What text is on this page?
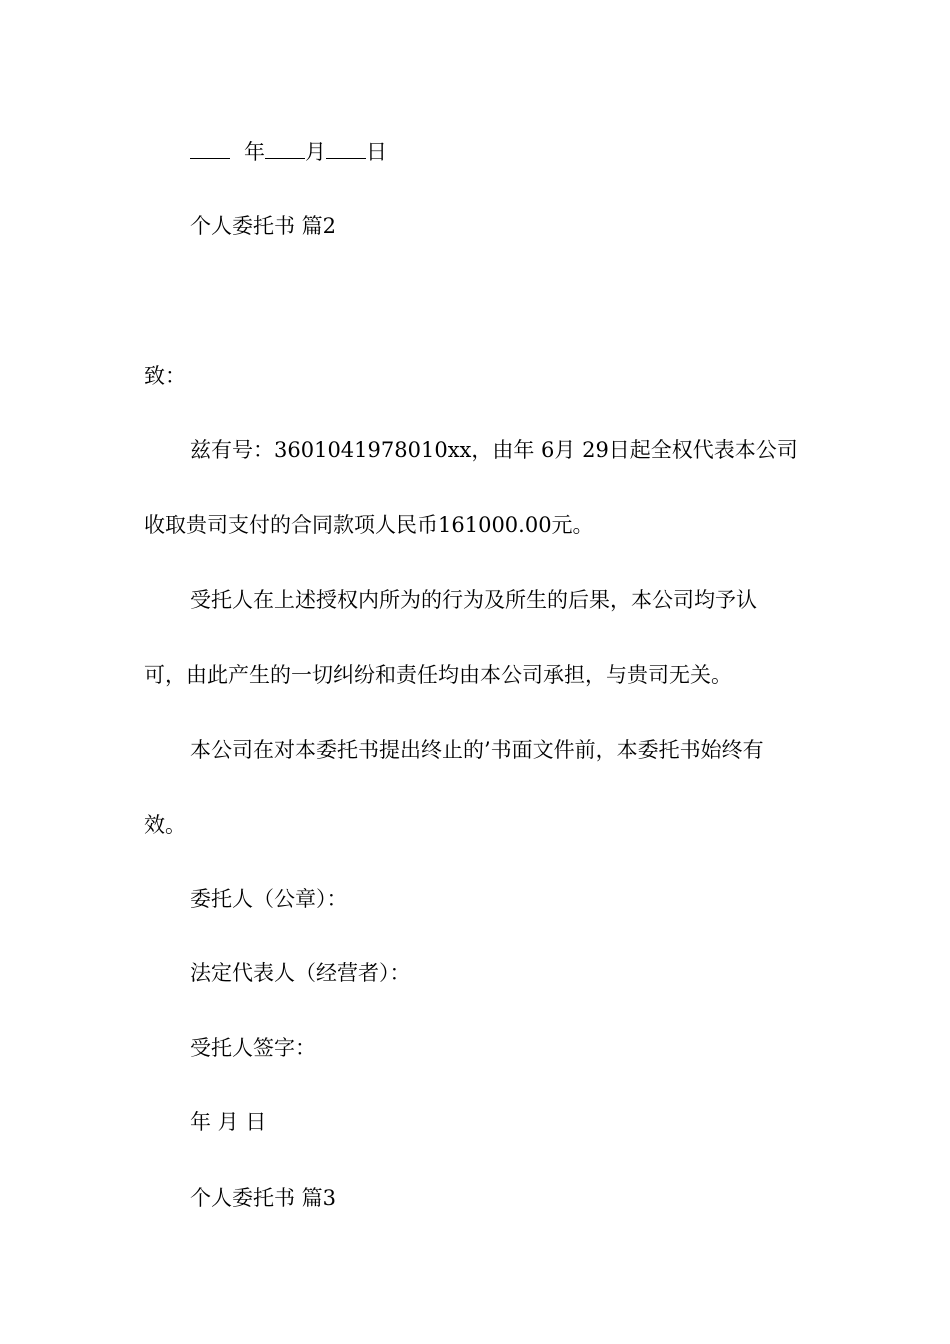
年 月 日
个人委托书 篇2
致：
兹有号：3601041978010xx，由年 6月 29日起全权代表本公司
收取贵司支付的合同款项人民币161000.00元。
受托人在上述授权内所为的行为及所生的后果，本公司均予认
可，由此产生的一切纠纷和责任均由本公司承担，与贵司无关。
本公司在对本委托书提出终止的’书面文件前，本委托书始终有
效。
委托人（公章）：
法定代表人（经营者）：
受托人签字：
年 月 日
个人委托书 篇3
